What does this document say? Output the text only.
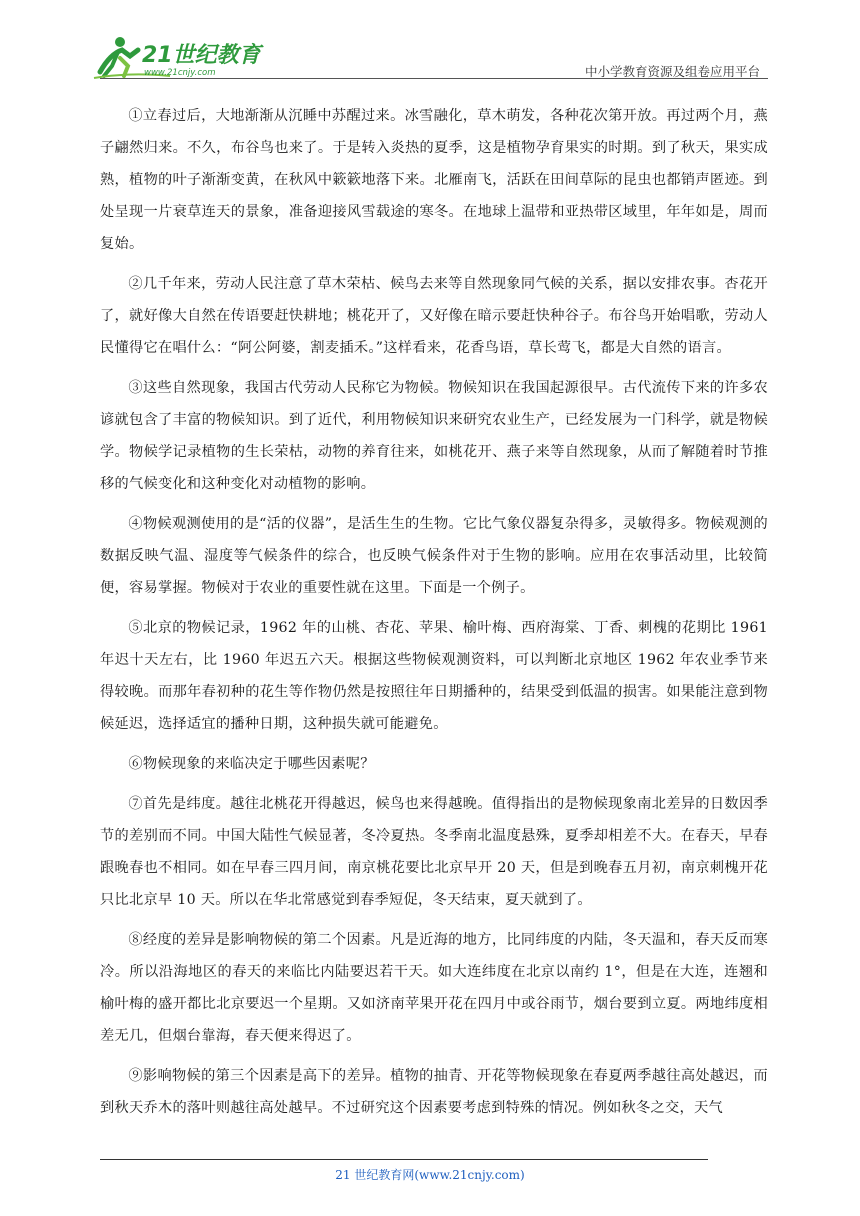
21世纪教育
www.21cnjy.com	中小学教育资源及组卷应用平台

①立春过后，大地渐渐从沉睡中苏醒过来。冰雪融化，草木萌发，各种花次第开放。再过两个月，燕子翩然归来。不久，布谷鸟也来了。于是转入炎热的夏季，这是植物孕育果实的时期。到了秋天，果实成熟，植物的叶子渐渐变黄，在秋风中簌簌地落下来。北雁南飞，活跃在田间草际的昆虫也都销声匿迹。到处呈现一片衰草连天的景象，准备迎接风雪载途的寒冬。在地球上温带和亚热带区域里，年年如是，周而复始。

②几千年来，劳动人民注意了草木荣枯、候鸟去来等自然现象同气候的关系，据以安排农事。杏花开了，就好像大自然在传语要赶快耕地；桃花开了，又好像在暗示要赶快种谷子。布谷鸟开始唱歌，劳动人民懂得它在唱什么：“阿公阿婆，割麦插禾。”这样看来，花香鸟语，草长莺飞，都是大自然的语言。

③这些自然现象，我国古代劳动人民称它为物候。物候知识在我国起源很早。古代流传下来的许多农谚就包含了丰富的物候知识。到了近代，利用物候知识来研究农业生产，已经发展为一门科学，就是物候学。物候学记录植物的生长荣枯，动物的养育往来，如桃花开、燕子来等自然现象，从而了解随着时节推移的气候变化和这种变化对动植物的影响。

④物候观测使用的是“活的仪器”，是活生生的生物。它比气象仪器复杂得多，灵敏得多。物候观测的数据反映气温、湿度等气候条件的综合，也反映气候条件对于生物的影响。应用在农事活动里，比较简便，容易掌握。物候对于农业的重要性就在这里。下面是一个例子。

⑤北京的物候记录，1962 年的山桃、杏花、苹果、榆叶梅、西府海棠、丁香、刺槐的花期比 1961 年迟十天左右，比 1960 年迟五六天。根据这些物候观测资料，可以判断北京地区 1962 年农业季节来得较晚。而那年春初种的花生等作物仍然是按照往年日期播种的，结果受到低温的损害。如果能注意到物候延迟，选择适宜的播种日期，这种损失就可能避免。

⑥物候现象的来临决定于哪些因素呢？

⑦首先是纬度。越往北桃花开得越迟，候鸟也来得越晚。值得指出的是物候现象南北差异的日数因季节的差别而不同。中国大陆性气候显著，冬冷夏热。冬季南北温度悬殊，夏季却相差不大。在春天，早春跟晚春也不相同。如在早春三四月间，南京桃花要比北京早开 20 天，但是到晚春五月初，南京刺槐开花只比北京早 10 天。所以在华北常感觉到春季短促，冬天结束，夏天就到了。

⑧经度的差异是影响物候的第二个因素。凡是近海的地方，比同纬度的内陆，冬天温和，春天反而寒冷。所以沿海地区的春天的来临比内陆要迟若干天。如大连纬度在北京以南约 1°，但是在大连，连翘和榆叶梅的盛开都比北京要迟一个星期。又如济南苹果开花在四月中或谷雨节，烟台要到立夏。两地纬度相差无几，但烟台靠海，春天便来得迟了。

⑨影响物候的第三个因素是高下的差异。植物的抽青、开花等物候现象在春夏两季越往高处越迟，而到秋天乔木的落叶则越往高处越早。不过研究这个因素要考虑到特殊的情况。例如秋冬之交，天气

21 世纪教育网(www.21cnjy.com)
